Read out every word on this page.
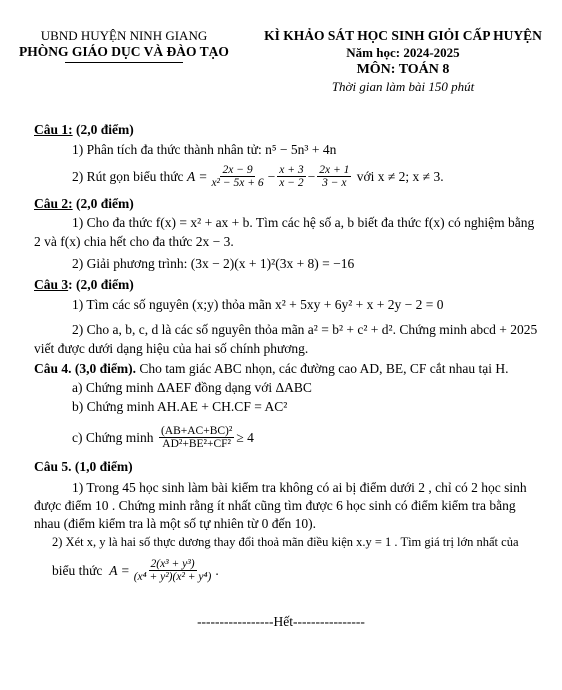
UBND HUYỆN NINH GIANG
PHÒNG GIÁO DỤC VÀ ĐÀO TẠO
KÌ KHẢO SÁT HỌC SINH GIỎI CẤP HUYỆN
Năm học: 2024-2025
MÔN: TOÁN 8
Thời gian làm bài 150 phút
Câu 1: (2,0 điểm)
1) Phân tích đa thức thành nhân tử: n⁵ − 5n³ + 4n
2) Rút gọn biểu thức
$A = \frac{2x - 9}{\text{x² − 5x + 6}} - \frac{x + 3}{x - 2} - \frac{2x + 1}{3 - x}$
với x ≠ 2; x ≠ 3.
Câu 2: (2,0 điểm)
1) Cho đa thức f(x) = x² + ax + b. Tìm các hệ số a, b biết đa thức f(x) có nghiệm bằng
2 và f(x) chia hết cho đa thức 2x − 3.
2) Giải phương trình: (3x − 2)(x + 1)²(3x + 8) = −16
Câu 3: (2,0 điểm)
1) Tìm các số nguyên (x;y) thỏa mãn x² + 5xy + 6y² + x + 2y − 2 = 0
2) Cho a, b, c, d là các số nguyên thỏa mãn a² = b² + c² + d². Chứng minh abcd + 2025
viết được dưới dạng hiệu của hai số chính phương.
Câu 4. (3,0 điểm). Cho tam giác ABC nhọn, các đường cao AD, BE, CF cắt nhau tại H.
a) Chứng minh ΔAEF đồng dạng với ΔABC
b) Chứng minh AH.AE + CH.CF = AC²
c) Chứng minh
$\frac{\text{(AB+AC+BC)²}}{\text{AD²+BE²+CF²}} \ge 4$
Câu 5. (1,0 điểm)
1) Trong 45 học sinh làm bài kiểm tra không có ai bị điểm dưới 2 , chỉ có 2 học sinh
được điểm 10 . Chứng minh rằng ít nhất cũng tìm được 6 học sinh có điểm kiểm tra bằng
nhau (điểm kiểm tra là một số tự nhiên từ 0 đến 10).
2) Xét x, y là hai số thực dương thay đổi thoả mãn điều kiện x.y = 1 . Tìm giá trị lớn nhất của
biểu thức
$A = \frac{\text{2(x³ + y³)}}{\text{(x⁴ + y²)(x² + y⁴)}}$ .
-----------------Hết----------------
